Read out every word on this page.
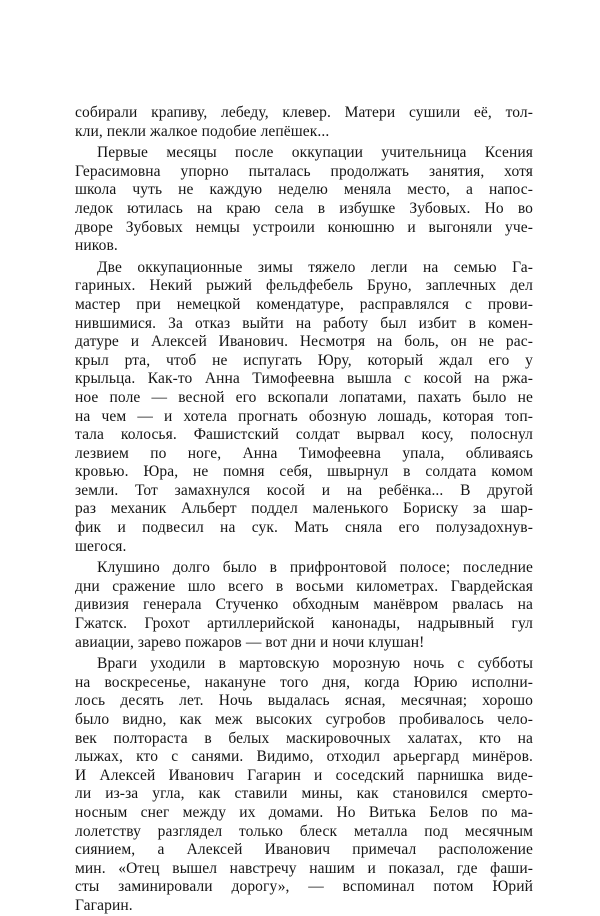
собирали крапиву, лебеду, клевер. Матери сушили её, тол-
кли, пекли жалкое подобие лепёшек...
Первые месяцы после оккупации учительница Ксения
Герасимовна упорно пыталась продолжать занятия, хотя
школа чуть не каждую неделю меняла место, а напос-
ледок ютилась на краю села в избушке Зубовых. Но во
дворе Зубовых немцы устроили конюшню и выгоняли уче-
ников.
Две оккупационные зимы тяжело легли на семью Га-
гариных. Некий рыжий фельдфебель Бруно, заплечных дел
мастер при немецкой комендатуре, расправлялся с прови-
нившимися. За отказ выйти на работу был избит в комен-
датуре и Алексей Иванович. Несмотря на боль, он не рас-
крыл рта, чтоб не испугать Юру, который ждал его у
крыльца. Как-то Анна Тимофеевна вышла с косой на ржа-
ное поле — весной его вскопали лопатами, пахать было не
на чем — и хотела прогнать обозную лошадь, которая топ-
тала колосья. Фашистский солдат вырвал косу, полоснул
лезвием по ноге, Анна Тимофеевна упала, обливаясь
кровью. Юра, не помня себя, швырнул в солдата комом
земли. Тот замахнулся косой и на ребёнка... В другой
раз механик Альберт поддел маленького Бориску за шар-
фик и подвесил на сук. Мать сняла его полузадохнув-
шегося.
Клушино долго было в прифронтовой полосе; последние
дни сражение шло всего в восьми километрах. Гвардейская
дивизия генерала Стученко обходным манёвром рвалась на
Гжатск. Грохот артиллерийской канонады, надрывный гул
авиации, зарево пожаров — вот дни и ночи клушан!
Враги уходили в мартовскую морозную ночь с субботы
на воскресенье, накануне того дня, когда Юрию исполни-
лось десять лет. Ночь выдалась ясная, месячная; хорошо
было видно, как меж высоких сугробов пробивалось чело-
век полтораста в белых маскировочных халатах, кто на
лыжах, кто с санями. Видимо, отходил арьергард минёров.
И Алексей Иванович Гагарин и соседский парнишка виде-
ли из-за угла, как ставили мины, как становился смерто-
носным снег между их домами. Но Витька Белов по ма-
лолетству разглядел только блеск металла под месячным
сиянием, а Алексей Иванович примечал расположение
мин. «Отец вышел навстречу нашим и показал, где фаши-
сты заминировали дорогу», — вспоминал потом Юрий
Гагарин.
